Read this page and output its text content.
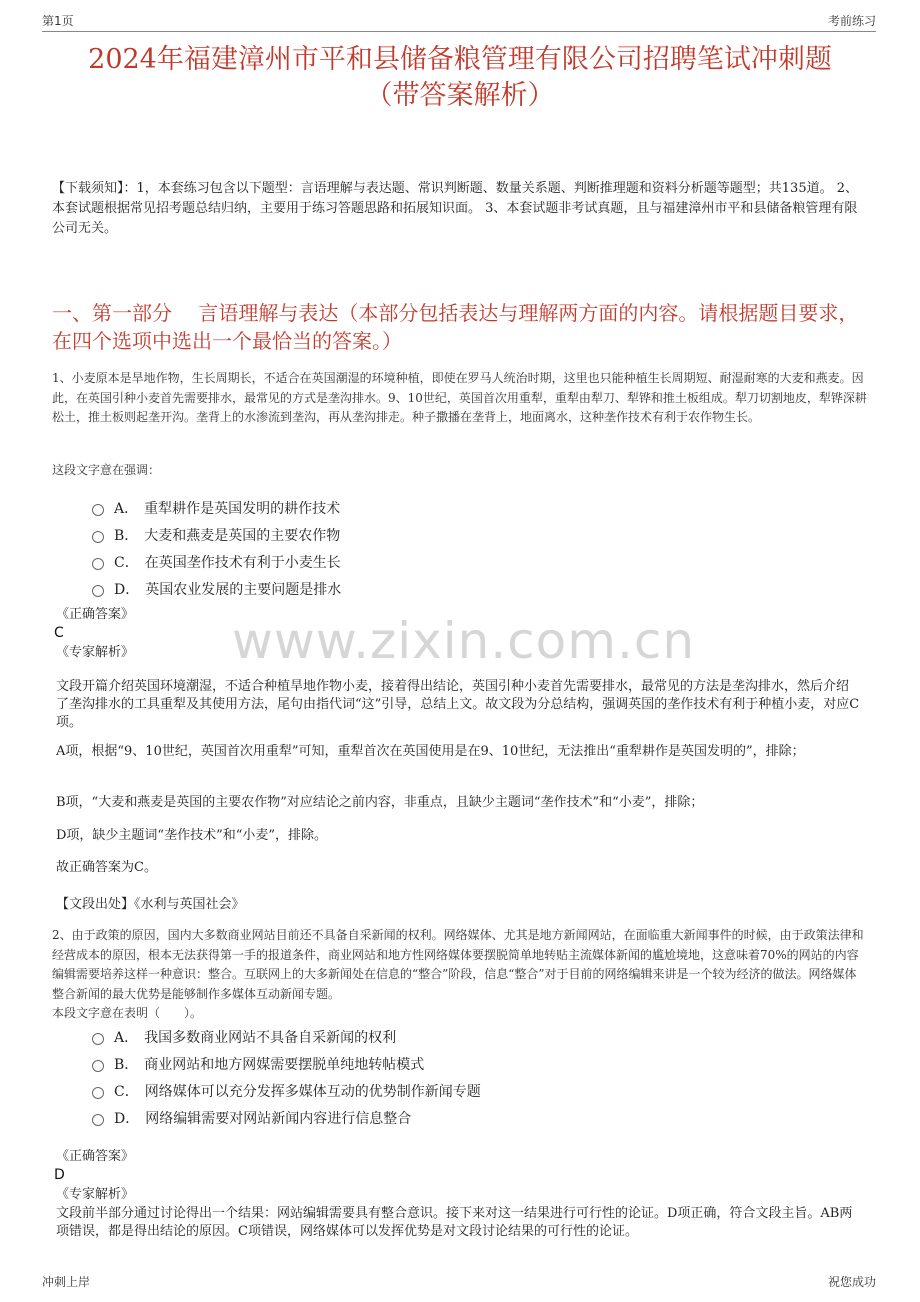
第1页	考前练习
2024年福建漳州市平和县储备粮管理有限公司招聘笔试冲刺题
（带答案解析）
【下载须知】：1，本套练习包含以下题型：言语理解与表达题、常识判断题、数量关系题、判断推理题和资料分析题等题型；共135道。 2、本套试题根据常见招考题总结归纳，主要用于练习答题思路和拓展知识面。 3、本套试题非考试真题，且与福建漳州市平和县储备粮管理有限公司无关。
一、第一部分　 言语理解与表达（本部分包括表达与理解两方面的内容。请根据题目要求，在四个选项中选出一个最恰当的答案。）
1、小麦原本是旱地作物，生长周期长，不适合在英国潮湿的环境种植，即使在罗马人统治时期，这里也只能种植生长周期短、耐湿耐寒的大麦和燕麦。因此，在英国引种小麦首先需要排水，最常见的方式是垄沟排水。9、10世纪，英国首次用重犁，重犁由犁刀、犁铧和推土板组成。犁刀切割地皮，犁铧深耕松土，推土板则起垄开沟。垄背上的水渗流到垄沟，再从垄沟排走。种子撒播在垄背上，地面离水，这种垄作技术有利于农作物生长。
这段文字意在强调：
A． 重犁耕作是英国发明的耕作技术
B． 大麦和燕麦是英国的主要农作物
C． 在英国垄作技术有利于小麦生长
D． 英国农业发展的主要问题是排水
《正确答案》
C
《专家解析》 www.zixin.com.cn
文段开篇介绍英国环境潮湿，不适合种植旱地作物小麦，接着得出结论，英国引种小麦首先需要排水，最常见的方法是垄沟排水，然后介绍了垄沟排水的工具重犁及其使用方法，尾句由指代词“这”引导，总结上文。故文段为分总结构，强调英国的垄作技术有利于种植小麦，对应C项。
A项，根据“9、10世纪，英国首次用重犁”可知，重犁首次在英国使用是在9、10世纪，无法推出“重犁耕作是英国发明的”，排除；
B项，“大麦和燕麦是英国的主要农作物”对应结论之前内容，非重点，且缺少主题词“垄作技术”和“小麦”，排除；
D项，缺少主题词“垄作技术”和“小麦”，排除。
故正确答案为C。
【文段出处】《水利与英国社会》
2、由于政策的原因，国内大多数商业网站目前还不具备自采新闻的权利。网络媒体、尤其是地方新闻网站，在面临重大新闻事件的时候，由于政策法律和经营成本的原因，根本无法获得第一手的报道条件，商业网站和地方性网络媒体要摆脱简单地转贴主流媒体新闻的尴尬境地，这意味着70%的网站的内容编辑需要培养这样一种意识：整合。互联网上的大多新闻处在信息的“整合”阶段，信息“整合”对于目前的网络编辑来讲是一个较为经济的做法。网络媒体整合新闻的最大优势是能够制作多媒体互动新闻专题。
本段文字意在表明（　　）。
A． 我国多数商业网站不具备自采新闻的权利
B． 商业网站和地方网媒需要摆脱单纯地转帖模式
C． 网络媒体可以充分发挥多媒体互动的优势制作新闻专题
D． 网络编辑需要对网站新闻内容进行信息整合
《正确答案》
D
《专家解析》
文段前半部分通过讨论得出一个结果：网站编辑需要具有整合意识。接下来对这一结果进行可行性的论证。D项正确，符合文段主旨。AB两项错误，都是得出结论的原因。C项错误，网络媒体可以发挥优势是对文段讨论结果的可行性的论证。
冲刺上岸	祝您成功
